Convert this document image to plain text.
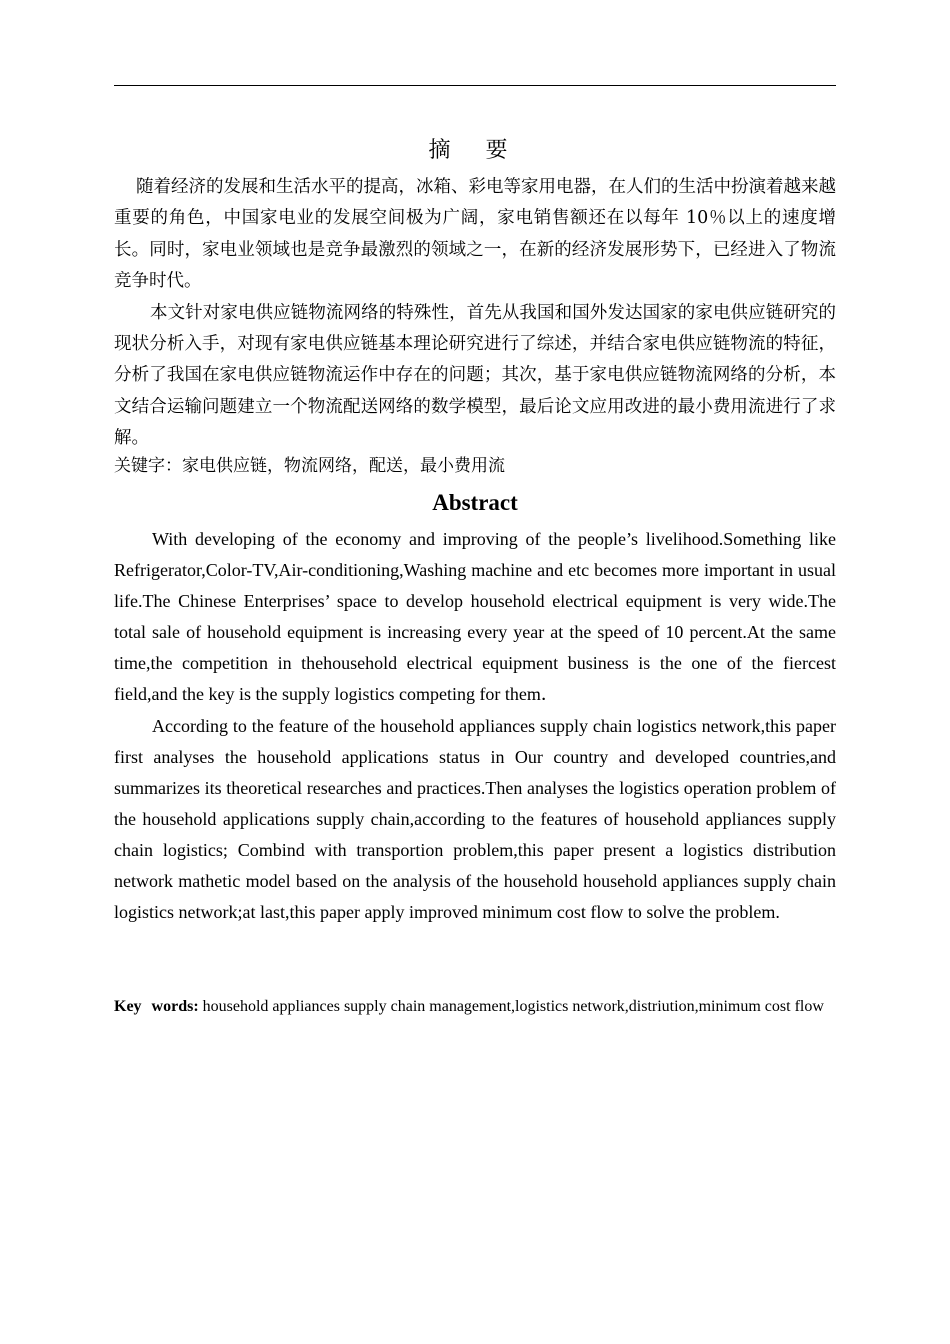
摘 要

随着经济的发展和生活水平的提高，冰箱、彩电等家用电器，在人们的生活中扮演着越来越重要的角色，中国家电业的发展空间极为广阔，家电销售额还在以每年 10％以上的速度增长。同时，家电业领域也是竞争最激烈的领域之一，在新的经济发展形势下，已经进入了物流竞争时代。

本文针对家电供应链物流网络的特殊性，首先从我国和国外发达国家的家电供应链研究的现状分析入手，对现有家电供应链基本理论研究进行了综述，并结合家电供应链物流的特征，分析了我国在家电供应链物流运作中存在的问题；其次，基于家电供应链物流网络的分析，本文结合运输问题建立一个物流配送网络的数学模型，最后论文应用改进的最小费用流进行了求解。

关键字：家电供应链，物流网络，配送，最小费用流
Abstract

With developing of the economy and improving of the people’s livelihood.Something like Refrigerator,Color-TV,Air-conditioning,Washing machine and etc becomes more important in usual life.The Chinese Enterprises’ space to develop household electrical equipment is very wide.The total sale of household equipment is increasing every year at the speed of 10 percent.At the same time,the competition in thehousehold electrical equipment business is the one of the fiercest field,and the key is the supply logistics competing for them．

According to the feature of the household appliances supply chain logistics network,this paper first analyses the household applications status in Our country and developed countries,and summarizes its theoretical researches and practices.Then analyses the logistics operation problem of the household applications supply chain,according to the features of household appliances supply chain logistics; Combind with transportion problem,this paper present a logistics distribution network mathetic model based on the analysis of the household household appliances supply chain logistics network;at last,this paper apply improved minimum cost flow to solve the problem.

Key words: household appliances supply chain management,logistics network,distriution,minimum cost flow
